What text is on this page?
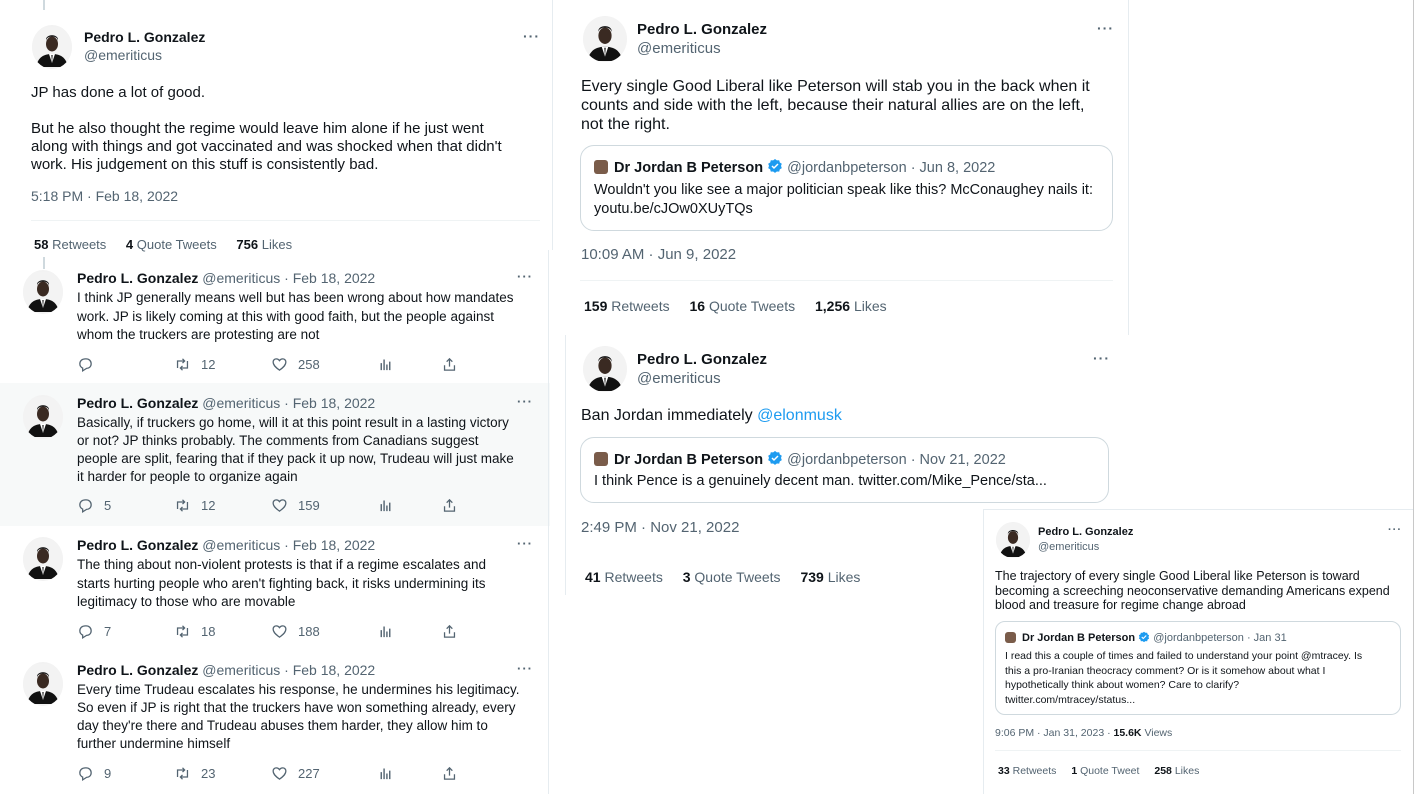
Pedro L. Gonzalez
@emeriticus
···
JP has done a lot of good.
But he also thought the regime would leave him alone if he just went
along with things and got vaccinated and was shocked when that didn't
work. His judgement on this stuff is consistently bad.
5:18 PM · Feb 18, 2022
58 Retweets 4 Quote Tweets 756 Likes
Pedro L. Gonzalez @emeriticus · Feb 18, 2022	···
I think JP generally means well but has been wrong about how mandates
work. JP is likely coming at this with good faith, but the people against
whom the truckers are protesting are not
12	258
Pedro L. Gonzalez @emeriticus · Feb 18, 2022	···
Basically, if truckers go home, will it at this point result in a lasting victory
or not? JP thinks probably. The comments from Canadians suggest
people are split, fearing that if they pack it up now, Trudeau will just make
it harder for people to organize again
5	12	159
Pedro L. Gonzalez @emeriticus · Feb 18, 2022	···
The thing about non-violent protests is that if a regime escalates and
starts hurting people who aren't fighting back, it risks undermining its
legitimacy to those who are movable
7	18	188
Pedro L. Gonzalez @emeriticus · Feb 18, 2022	···
Every time Trudeau escalates his response, he undermines his legitimacy.
So even if JP is right that the truckers have won something already, every
day they're there and Trudeau abuses them harder, they allow him to
further undermine himself
9	23	227
Pedro L. Gonzalez
@emeriticus
···
Every single Good Liberal like Peterson will stab you in the back when it
counts and side with the left, because their natural allies are on the left,
not the right.
Dr Jordan B Peterson @jordanbpeterson · Jun 8, 2022
Wouldn't you like see a major politician speak like this? McConaughey nails it:
youtu.be/cJOw0XUyTQs
10:09 AM · Jun 9, 2022
159 Retweets 16 Quote Tweets 1,256 Likes
Pedro L. Gonzalez
@emeriticus
···
Ban Jordan immediately @elonmusk
Dr Jordan B Peterson @jordanbpeterson · Nov 21, 2022
I think Pence is a genuinely decent man. twitter.com/Mike_Pence/sta...
2:49 PM · Nov 21, 2022
41 Retweets 3 Quote Tweets 739 Likes
Pedro L. Gonzalez
@emeriticus
···
The trajectory of every single Good Liberal like Peterson is toward
becoming a screeching neoconservative demanding Americans expend
blood and treasure for regime change abroad
Dr Jordan B Peterson @jordanbpeterson · Jan 31
I read this a couple of times and failed to understand your point @mtracey. Is
this a pro-Iranian theocracy comment? Or is it somehow about what I
hypothetically think about women? Care to clarify?
twitter.com/mtracey/status...
9:06 PM · Jan 31, 2023 · 15.6K Views
33 Retweets 1 Quote Tweet 258 Likes
